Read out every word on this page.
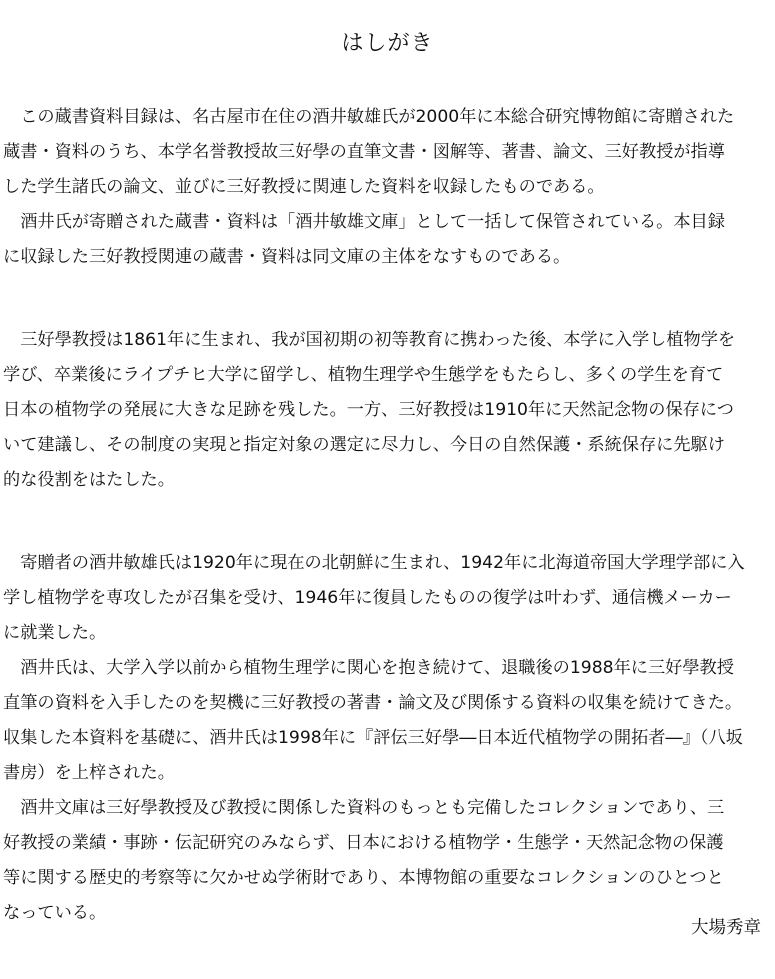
はしがき
　この蔵書資料目録は、名古屋市在住の酒井敏雄氏が2000年に本総合研究博物館に寄贈された
蔵書・資料のうち、本学名誉教授故三好學の直筆文書・図解等、著書、論文、三好教授が指導
した学生諸氏の論文、並びに三好教授に関連した資料を収録したものである。
　酒井氏が寄贈された蔵書・資料は「酒井敏雄文庫」として一括して保管されている。本目録
に収録した三好教授関連の蔵書・資料は同文庫の主体をなすものである。
　三好學教授は1861年に生まれ、我が国初期の初等教育に携わった後、本学に入学し植物学を
学び、卒業後にライプチヒ大学に留学し、植物生理学や生態学をもたらし、多くの学生を育て
日本の植物学の発展に大きな足跡を残した。一方、三好教授は1910年に天然記念物の保存につ
いて建議し、その制度の実現と指定対象の選定に尽力し、今日の自然保護・系統保存に先駆け
的な役割をはたした。
　寄贈者の酒井敏雄氏は1920年に現在の北朝鮮に生まれ、1942年に北海道帝国大学理学部に入
学し植物学を専攻したが召集を受け、1946年に復員したものの復学は叶わず、通信機メーカー
に就業した。
　酒井氏は、大学入学以前から植物生理学に関心を抱き続けて、退職後の1988年に三好學教授
直筆の資料を入手したのを契機に三好教授の著書・論文及び関係する資料の収集を続けてきた。
収集した本資料を基礎に、酒井氏は1998年に『評伝三好學―日本近代植物学の開拓者―』（八坂
書房）を上梓された。
　酒井文庫は三好學教授及び教授に関係した資料のもっとも完備したコレクションであり、三
好教授の業績・事跡・伝記研究のみならず、日本における植物学・生態学・天然記念物の保護
等に関する歴史的考察等に欠かせぬ学術財であり、本博物館の重要なコレクションのひとつと
なっている。
大場秀章
